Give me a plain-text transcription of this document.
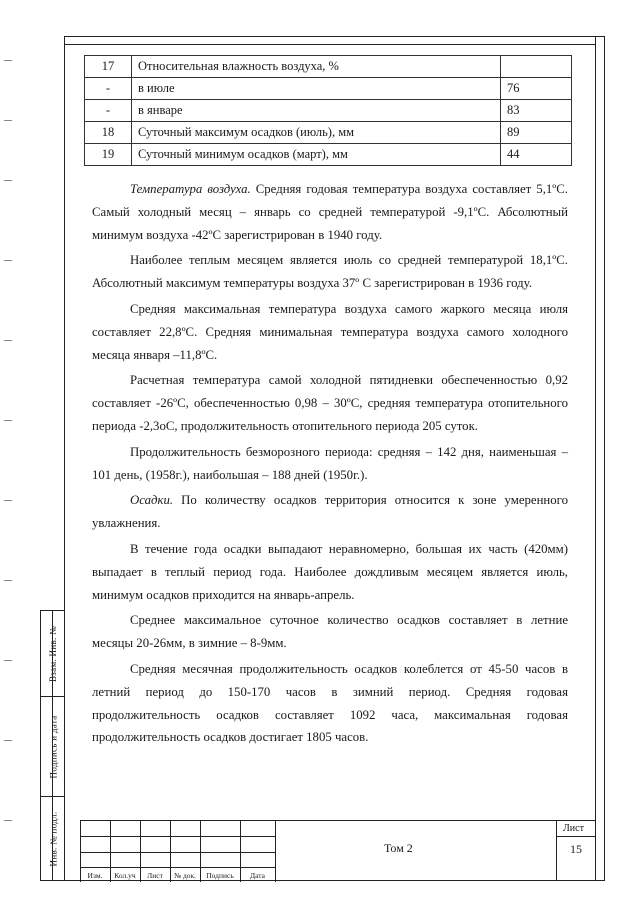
Взам. Инв. №
Подпись и дата
Инв. № подл.
17	Относительная влажность воздуха, %	
-	в июле	76
-	в январе	83
18	Суточный максимум осадков (июль), мм	89
19	Суточный минимум осадков (март), мм	44

Температура воздуха. Средняя годовая температура воздуха составляет 5,1ºС. Самый холодный месяц – январь со средней температурой -9,1ºС. Абсолютный минимум воздуха -42ºС зарегистрирован в 1940 году.

Наиболее теплым месяцем является июль со средней температурой 18,1ºС. Абсолютный максимум температуры воздуха 37º С зарегистрирован в 1936 году.

Средняя максимальная температура воздуха самого жаркого месяца июля составляет 22,8ºС. Средняя минимальная температура воздуха самого холодного месяца января –11,8ºС.

Расчетная температура самой холодной пятидневки обеспеченностью 0,92 составляет -26ºС, обеспеченностью 0,98 – 30ºС, средняя температура отопительного периода -2,3оС, продолжительность отопительного периода 205 суток.

Продолжительность безморозного периода: средняя – 142 дня, наименьшая – 101 день, (1958г.), наибольшая – 188 дней (1950г.).

Осадки. По количеству осадков территория относится к зоне умеренного увлажнения.

В течение года осадки выпадают неравномерно, большая их часть (420мм) выпадает в теплый период года. Наиболее дождливым месяцем является июль, минимум осадков приходится на январь-апрель.

Среднее максимальное суточное количество осадков составляет в летние месяцы 20-26мм, в зимние – 8-9мм.

Средняя месячная продолжительность осадков колеблется от 45-50 часов в летний период до 150-170 часов в зимний период. Средняя годовая продолжительность осадков составляет 1092 часа, максимальная годовая продолжительность осадков достигает 1805 часов.

Изм.	Кол.уч	Лист	№ док.	Подпись	Дата
Том 2
Лист
15
